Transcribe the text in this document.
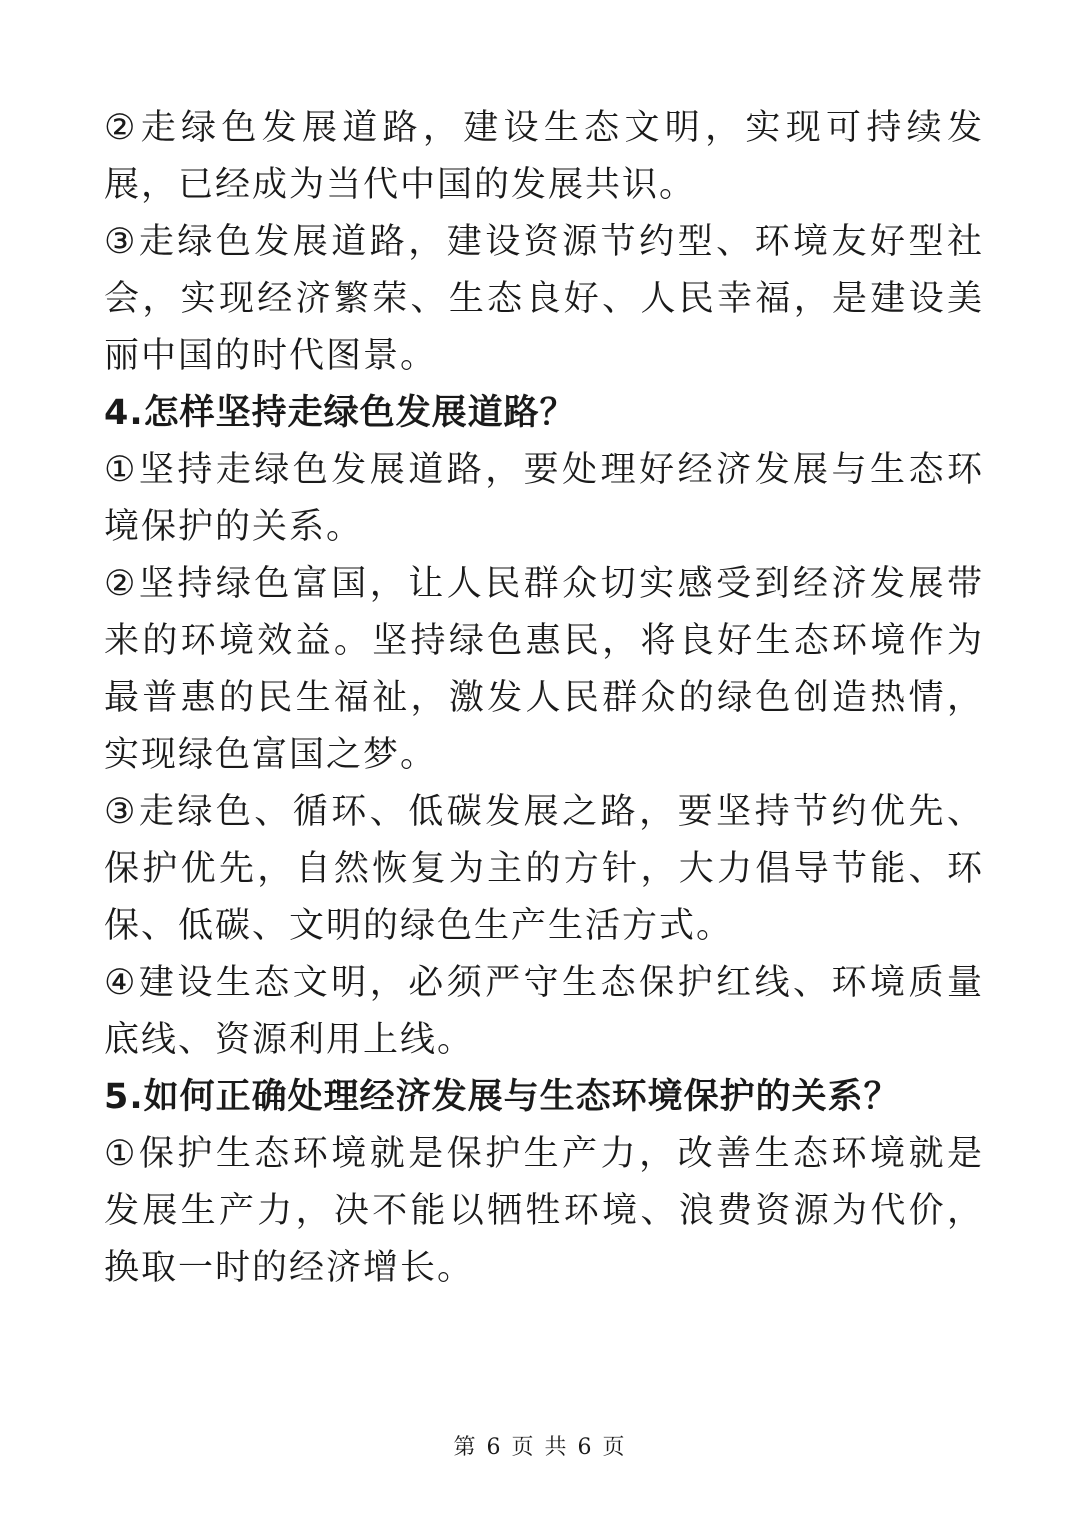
②走绿色发展道路，建设生态文明，实现可持续发展，已经成为当代中国的发展共识。

③走绿色发展道路，建设资源节约型、环境友好型社会，实现经济繁荣、生态良好、人民幸福，是建设美丽中国的时代图景。

4.怎样坚持走绿色发展道路？

①坚持走绿色发展道路，要处理好经济发展与生态环境保护的关系。

②坚持绿色富国，让人民群众切实感受到经济发展带来的环境效益。坚持绿色惠民，将良好生态环境作为最普惠的民生福祉，激发人民群众的绿色创造热情，实现绿色富国之梦。

③走绿色、循环、低碳发展之路，要坚持节约优先、保护优先，自然恢复为主的方针，大力倡导节能、环保、低碳、文明的绿色生产生活方式。

④建设生态文明，必须严守生态保护红线、环境质量底线、资源利用上线。

5.如何正确处理经济发展与生态环境保护的关系？

①保护生态环境就是保护生产力，改善生态环境就是发展生产力，决不能以牺牲环境、浪费资源为代价，换取一时的经济增长。

第 6 页 共 6 页
